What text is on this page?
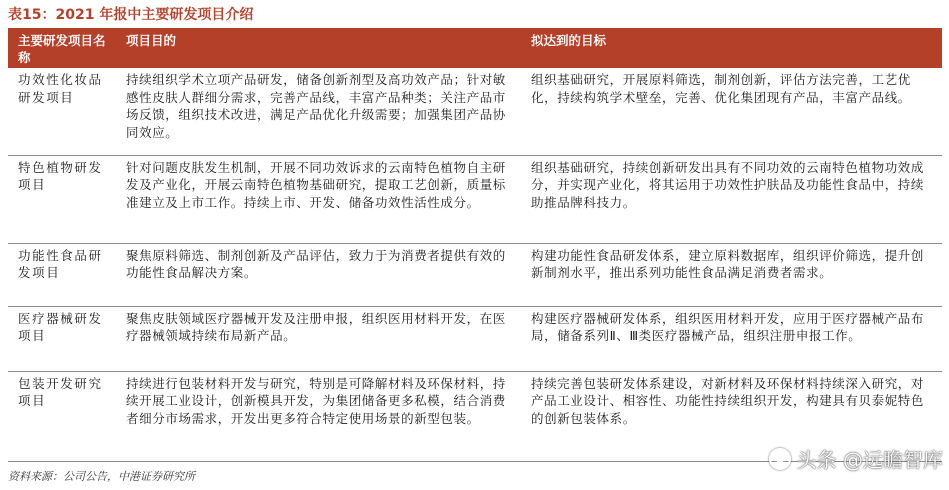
表15：2021 年报中主要研发项目介绍
主要研发项目名称	项目目的	拟达到的目标
功效性化妆品研发项目	持续组织学术立项产品研发，储备创新剂型及高功效产品；针对敏感性皮肤人群细分需求，完善产品线，丰富产品种类；关注产品市场反馈，组织技术改进，满足产品优化升级需要；加强集团产品协同效应。	组织基础研究，开展原料筛选，制剂创新，评估方法完善，工艺优化，持续构筑学术壁垒，完善、优化集团现有产品，丰富产品线。
特色植物研发项目	针对问题皮肤发生机制，开展不同功效诉求的云南特色植物自主研发及产业化，开展云南特色植物基础研究，提取工艺创新，质量标准建立及上市工作。持续上市、开发、储备功效性活性成分。	组织基础研究，持续创新研发出具有不同功效的云南特色植物功效成分，并实现产业化，将其运用于功效性护肤品及功能性食品中，持续助推品牌科技力。
功能性食品研发项目	聚焦原料筛选、制剂创新及产品评估，致力于为消费者提供有效的功能性食品解决方案。	构建功能性食品研发体系，建立原料数据库，组织评价筛选，提升创新制剂水平，推出系列功能性食品满足消费者需求。
医疗器械研发项目	聚焦皮肤领域医疗器械开发及注册申报，组织医用材料开发，在医疗器械领域持续布局新产品。	构建医疗器械研发体系，组织医用材料开发，应用于医疗器械产品布局，储备系列Ⅱ、Ⅲ类医疗器械产品，组织注册申报工作。
包装开发研究项目	持续进行包装材料开发与研究，特别是可降解材料及环保材料，持续开展工业设计，创新模具开发，为集团储备更多私模，结合消费者细分市场需求，开发出更多符合特定使用场景的新型包装。	持续完善包装研发体系建设，对新材料及环保材料持续深入研究，对产品工业设计、相容性、功能性持续组织开发，构建具有贝泰妮特色的创新包装体系。
资料来源：公司公告，中港证券研究所
头条 @远瞻智库
